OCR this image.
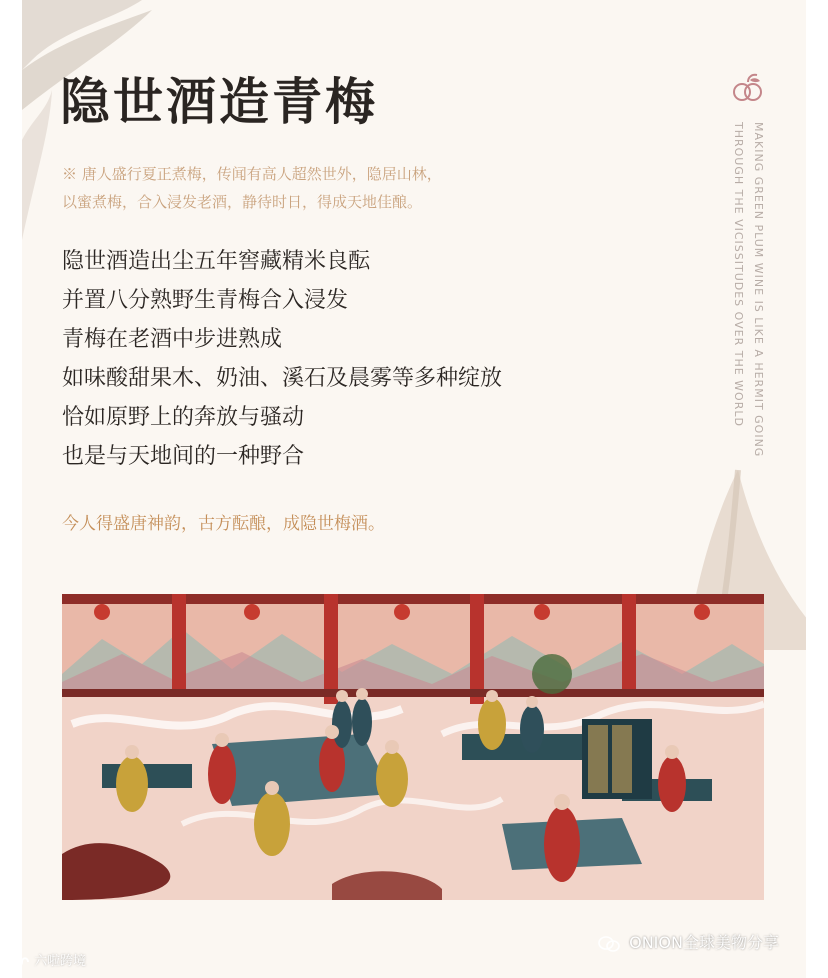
隐世酒造青梅
MAKING GREEN PLUM WINE IS LIKE A HERMIT GOING
THROUGH THE VICISSITUDES OVER THE WORLD
※ 唐人盛行夏正煮梅，传闻有高人超然世外，隐居山林，
以蜜煮梅，合入浸发老酒，静待时日，得成天地佳酿。
隐世酒造出尘五年窖藏精米良酝
并置八分熟野生青梅合入浸发
青梅在老酒中步进熟成
如味酸甜果木、奶油、溪石及晨雾等多种绽放
恰如原野上的奔放与骚动
也是与天地间的一种野合
今人得盛唐神韵，古方酝酿，成隐世梅酒。
六啦跨境
ONION全球美物分享
